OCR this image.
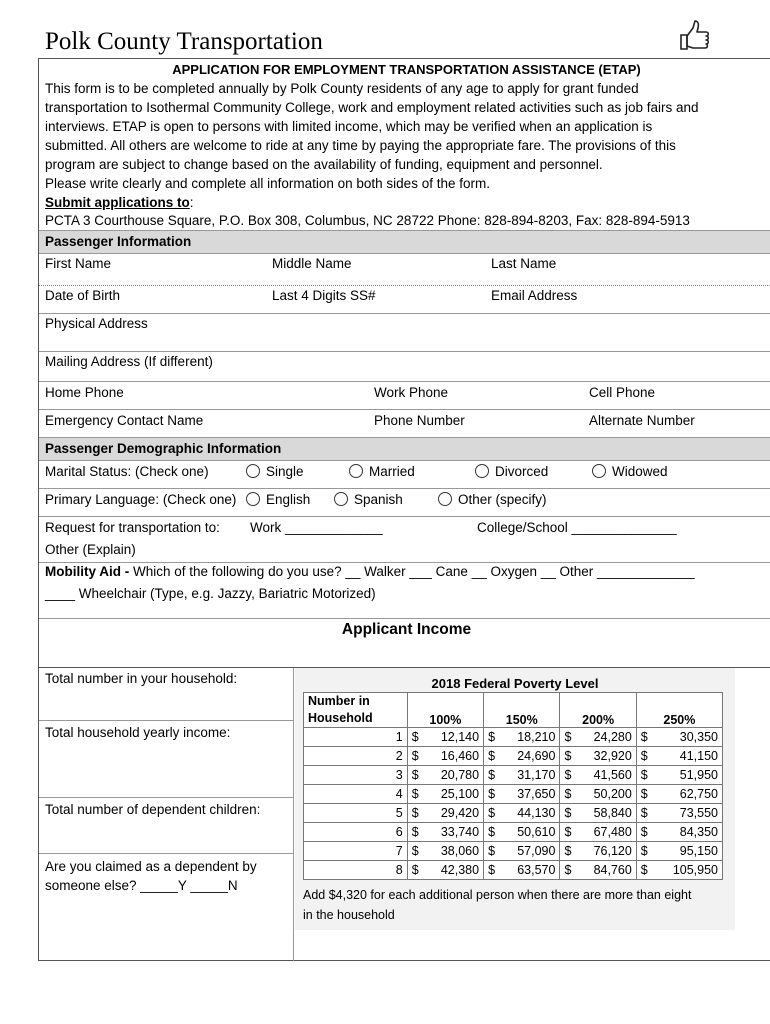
Polk County Transportation
APPLICATION FOR EMPLOYMENT TRANSPORTATION ASSISTANCE (ETAP)
This form is to be completed annually by Polk County residents of any age to apply for grant funded
transportation to Isothermal Community College, work and employment related activities such as job fairs and
interviews. ETAP is open to persons with limited income, which may be verified when an application is
submitted. All others are welcome to ride at any time by paying the appropriate fare. The provisions of this
program are subject to change based on the availability of funding, equipment and personnel.
Please write clearly and complete all information on both sides of the form.
Submit applications to:
PCTA 3 Courthouse Square, P.O. Box 308, Columbus, NC 28722 Phone: 828-894-8203, Fax: 828-894-5913
Passenger Information
First Name	Middle Name	Last Name
Date of Birth	Last 4 Digits SS#	Email Address
Physical Address
Mailing Address (If different)
Home Phone	Work Phone	Cell Phone
Emergency Contact Name	Phone Number	Alternate Number
Passenger Demographic Information
Marital Status: (Check one)	Single	Married	Divorced	Widowed
Primary Language: (Check one)	English	Spanish	Other (specify)
Request for transportation to: Work _____________	College/School ______________
Other (Explain)
Mobility Aid - Which of the following do you use? __ Walker ___ Cane __ Oxygen __ Other _____________
____ Wheelchair (Type, e.g. Jazzy, Bariatric Motorized)
Applicant Income
Total number in your household:
Total household yearly income:
Total number of dependent children:
Are you claimed as a dependent by
someone else? _____Y _____N
2018 Federal Poverty Level
Number in
Household	100%	150%	200%	250%
1	$ 12,140	$ 18,210	$ 24,280	$ 30,350

2	$ 16,460	$ 24,690	$ 32,920	$ 41,150

3	$ 20,780	$ 31,170	$ 41,560	$ 51,950

4	$ 25,100	$ 37,650	$ 50,200	$ 62,750

5	$ 29,420	$ 44,130	$ 58,840	$ 73,550

6	$ 33,740	$ 50,610	$ 67,480	$ 84,350

7	$ 38,060	$ 57,090	$ 76,120	$ 95,150

8	$ 42,380	$ 63,570	$ 84,760	$ 105,950
Add $4,320 for each additional person when there are more than eight
in the household
